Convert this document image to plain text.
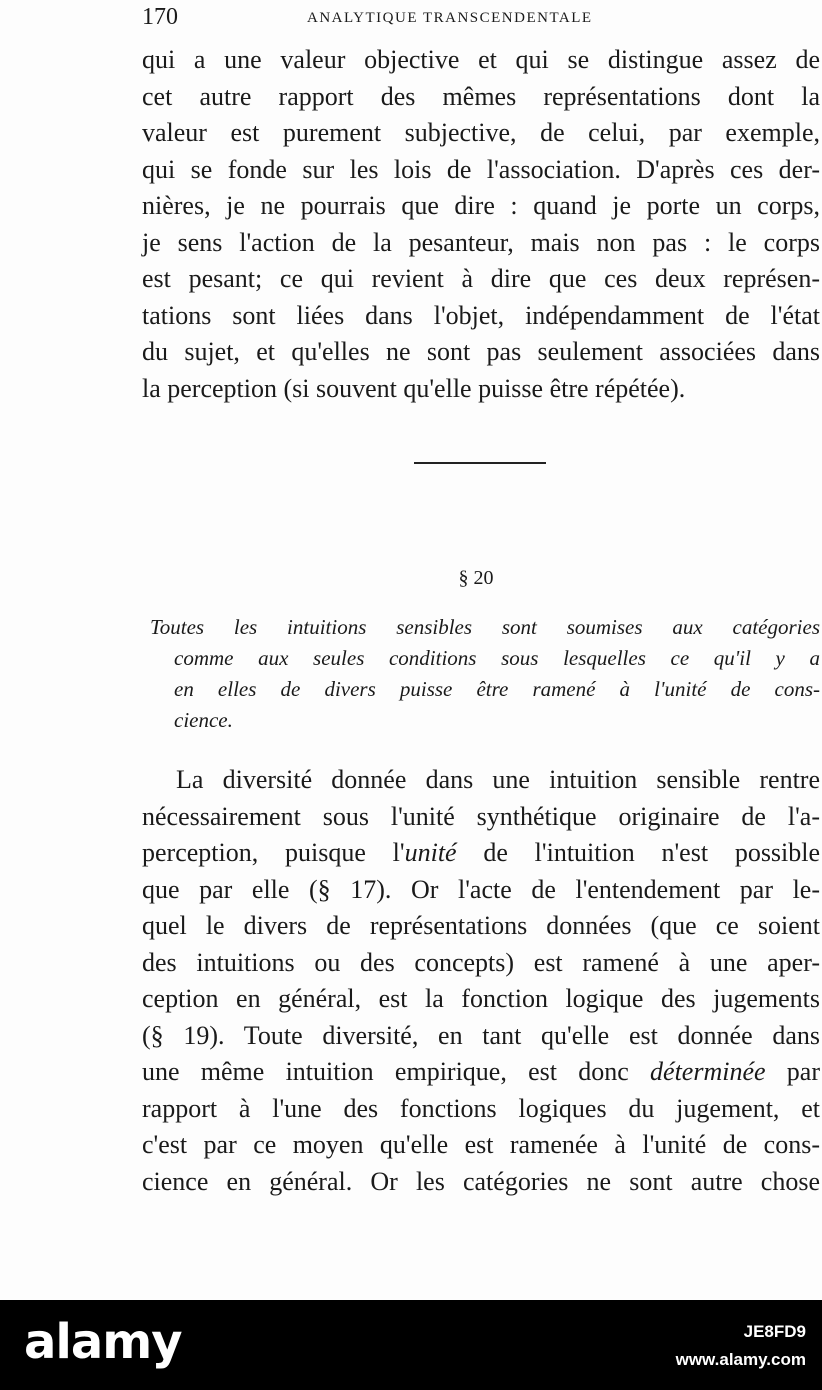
170	ANALYTIQUE TRANSCENDENTALE
qui a une valeur objective et qui se distingue assez de
cet autre rapport des mêmes représentations dont la
valeur est purement subjective, de celui, par exemple,
qui se fonde sur les lois de l'association. D'après ces der-
nières, je ne pourrais que dire : quand je porte un corps,
je sens l'action de la pesanteur, mais non pas : le corps
est pesant; ce qui revient à dire que ces deux représen-
tations sont liées dans l'objet, indépendamment de l'état
du sujet, et qu'elles ne sont pas seulement associées dans
la perception (si souvent qu'elle puisse être répétée).
§ 20
Toutes les intuitions sensibles sont soumises aux catégories
comme aux seules conditions sous lesquelles ce qu'il y a
en elles de divers puisse être ramené à l'unité de cons-
cience.
La diversité donnée dans une intuition sensible rentre
nécessairement sous l'unité synthétique originaire de l'a-
perception, puisque l'unité de l'intuition n'est possible
que par elle (§ 17). Or l'acte de l'entendement par le-
quel le divers de représentations données (que ce soient
des intuitions ou des concepts) est ramené à une aper-
ception en général, est la fonction logique des jugements
(§ 19). Toute diversité, en tant qu'elle est donnée dans
une même intuition empirique, est donc déterminée par
rapport à l'une des fonctions logiques du jugement, et
c'est par ce moyen qu'elle est ramenée à l'unité de cons-
cience en général. Or les catégories ne sont autre chose
alamy	JE8FD9
www.alamy.com
